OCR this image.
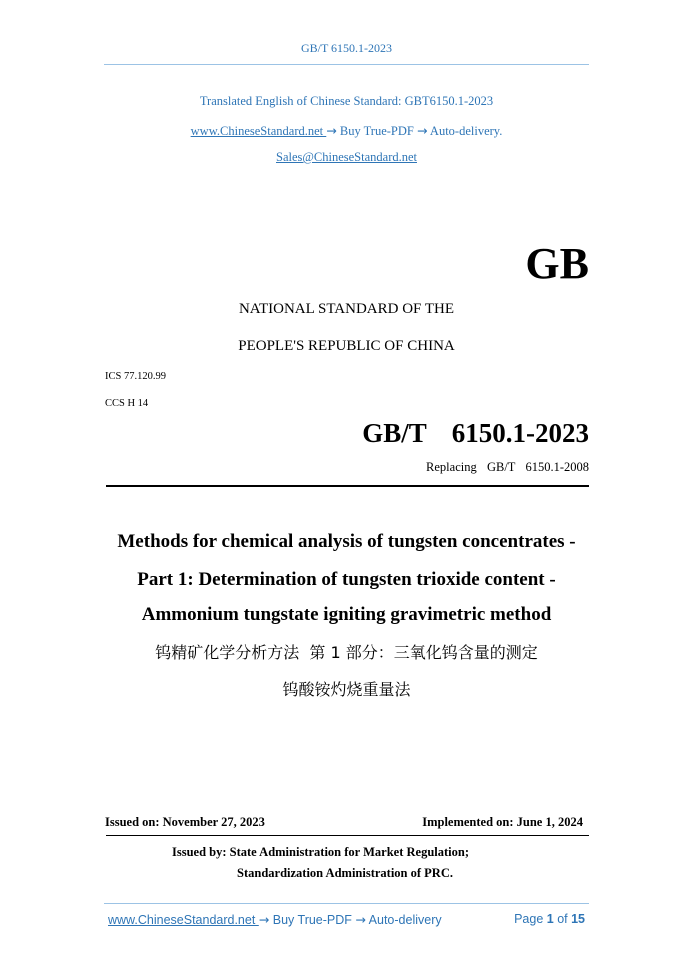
GB/T 6150.1-2023
Translated English of Chinese Standard: GBT6150.1-2023
www.ChineseStandard.net → Buy True-PDF → Auto-delivery.
Sales@ChineseStandard.net
GB
NATIONAL STANDARD OF THE
PEOPLE'S REPUBLIC OF CHINA
ICS 77.120.99
CCS H 14
GB/T  6150.1-2023
Replacing  GB/T  6150.1-2008
Methods for chemical analysis of tungsten concentrates -
Part 1: Determination of tungsten trioxide content -
Ammonium tungstate igniting gravimetric method
钨精矿化学分析方法  第 1 部分：三氧化钨含量的测定
钨酸铵灼烧重量法
Issued on: November 27, 2023	Implemented on: June 1, 2024
Issued by: State Administration for Market Regulation;
Standardization Administration of PRC.
www.ChineseStandard.net → Buy True-PDF → Auto-delivery	Page 1 of 15
